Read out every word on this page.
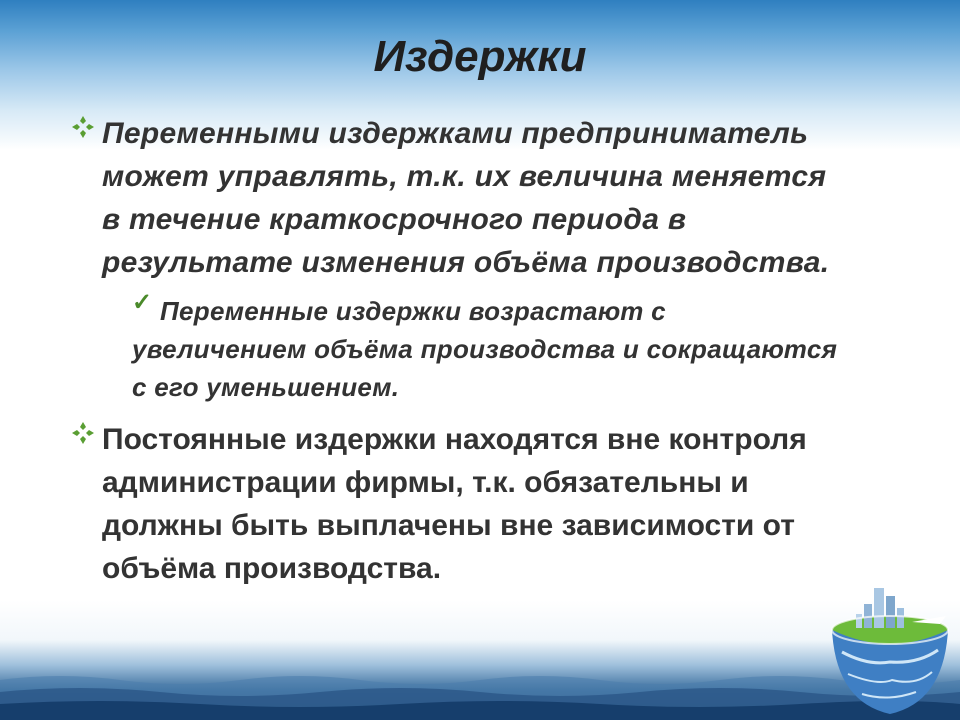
Издержки
Переменными издержками предприниматель может управлять, т.к. их величина меняется в течение краткосрочного периода в результате изменения объёма производства.
✓ Переменные издержки возрастают с увеличением объёма производства и сокращаются с его уменьшением.
Постоянные издержки находятся вне контроля администрации фирмы, т.к. обязательны и должны быть выплачены вне зависимости от объёма производства.
